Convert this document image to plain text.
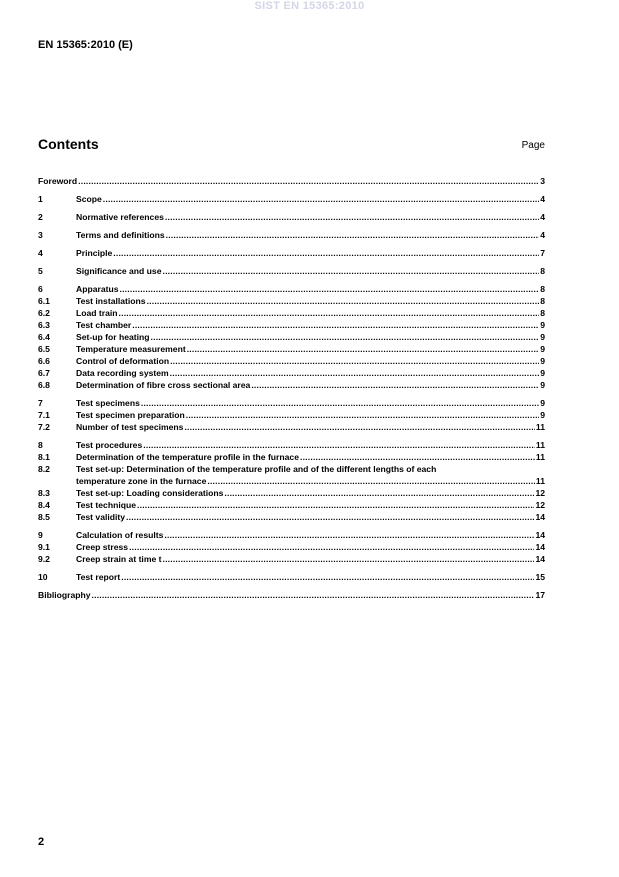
SIST EN 15365:2010
EN 15365:2010 (E)
Contents	Page
Foreword .....	3
1	Scope .....	4
2	Normative references .....	4
3	Terms and definitions .....	4
4	Principle .....	7
5	Significance and use .....	8
6	Apparatus .....	8
6.1	Test installations .....	8
6.2	Load train .....	8
6.3	Test chamber .....	9
6.4	Set-up for heating .....	9
6.5	Temperature measurement .....	9
6.6	Control of deformation .....	9
6.7	Data recording system .....	9
6.8	Determination of fibre cross sectional area .....	9
7	Test specimens .....	9
7.1	Test specimen preparation .....	9
7.2	Number of test specimens .....	11
8	Test procedures .....	11
8.1	Determination of the temperature profile in the furnace .....	11
8.2	Test set-up: Determination of the temperature profile and of the different lengths of each
temperature zone in the furnace .....	11
8.3	Test set-up: Loading considerations .....	12
8.4	Test technique .....	12
8.5	Test validity .....	14
9	Calculation of results .....	14
9.1	Creep stress .....	14
9.2	Creep strain at time t .....	14
10	Test report .....	15
Bibliography .....	17
2
